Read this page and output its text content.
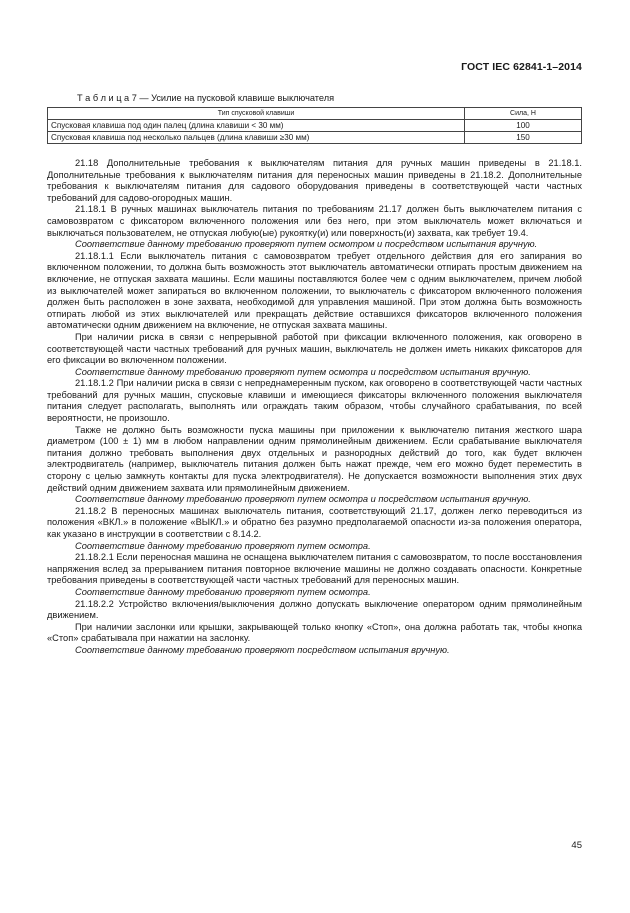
ГОСТ IEC 62841-1–2014
Т а б л и ц а 7 — Усилие на пусковой клавише выключателя
Тип спусковой клавиши	Сила, Н
Спусковая клавиша под один палец (длина клавиши < 30 мм)	100
Спусковая клавиша под несколько пальцев (длина клавиши ≥30 мм)	150

21.18 Дополнительные требования к выключателям питания для ручных машин приведены в 21.18.1. Дополнительные требования к выключателям питания для переносных машин приведены в 21.18.2. Дополнительные требования к выключателям питания для садового оборудования приведены в соответствующей части частных требований для садово-огородных машин.

21.18.1 В ручных машинах выключатель питания по требованиям 21.17 должен быть выключателем питания с самовозвратом с фиксатором включенного положения или без него, при этом выключатель может включаться и выключаться пользователем, не отпуская любую(ые) рукоятку(и) или поверхность(и) захвата, как требует 19.4.

Соответствие данному требованию проверяют путем осмотром и посредством испытания вручную.

21.18.1.1 Если выключатель питания с самовозвратом требует отдельного действия для его запирания во включенном положении, то должна быть возможность этот выключатель автоматически отпирать простым движением на включение, не отпуская захвата машины. Если машины поставляются более чем с одним выключателем, причем любой из выключателей может запираться во включенном положении, то выключатель с фиксатором включенного положения должен быть расположен в зоне захвата, необходимой для управления машиной. При этом должна быть возможность отпирать любой из этих выключателей или прекращать действие оставшихся фиксаторов включенного положения автоматически одним движением на включение, не отпуская захвата машины.

При наличии риска в связи с непрерывной работой при фиксации включенного положения, как оговорено в соответствующей части частных требований для ручных машин, выключатель не должен иметь никаких фиксаторов для его фиксации во включенном положении.

Соответствие данному требованию проверяют путем осмотра и посредством испытания вручную.

21.18.1.2 При наличии риска в связи с непреднамеренным пуском, как оговорено в соответствующей части частных требований для ручных машин, спусковые клавиши и имеющиеся фиксаторы включенного положения выключателя питания следует располагать, выполнять или ограждать таким образом, чтобы случайного срабатывания, по всей вероятности, не произошло.

Также не должно быть возможности пуска машины при приложении к выключателю питания жесткого шара диаметром (100 ± 1) мм в любом направлении одним прямолинейным движением. Если срабатывание выключателя питания должно требовать выполнения двух отдельных и разнородных действий до того, как будет включен электродвигатель (например, выключатель питания должен быть нажат прежде, чем его можно будет переместить в сторону с целью замкнуть контакты для пуска электродвигателя). Не допускается возможности выполнения этих двух действий одним движением захвата или прямолинейным движением.

Соответствие данному требованию проверяют путем осмотра и посредством испытания вручную.

21.18.2 В переносных машинах выключатель питания, соответствующий 21.17, должен легко переводиться из положения «ВКЛ.» в положение «ВЫКЛ.» и обратно без разумно предполагаемой опасности из-за положения оператора, как указано в инструкции в соответствии с 8.14.2.

Соответствие данному требованию проверяют путем осмотра.

21.18.2.1 Если переносная машина не оснащена выключателем питания с самовозвратом, то после восстановления напряжения вслед за прерыванием питания повторное включение машины не должно создавать опасности. Конкретные требования приведены в соответствующей части частных требований для переносных машин.

Соответствие данному требованию проверяют путем осмотра.

21.18.2.2 Устройство включения/выключения должно допускать выключение оператором одним прямолинейным движением.

При наличии заслонки или крышки, закрывающей только кнопку «Стоп», она должна работать так, чтобы кнопка «Стоп» срабатывала при нажатии на заслонку.

Соответствие данному требованию проверяют посредством испытания вручную.

45
